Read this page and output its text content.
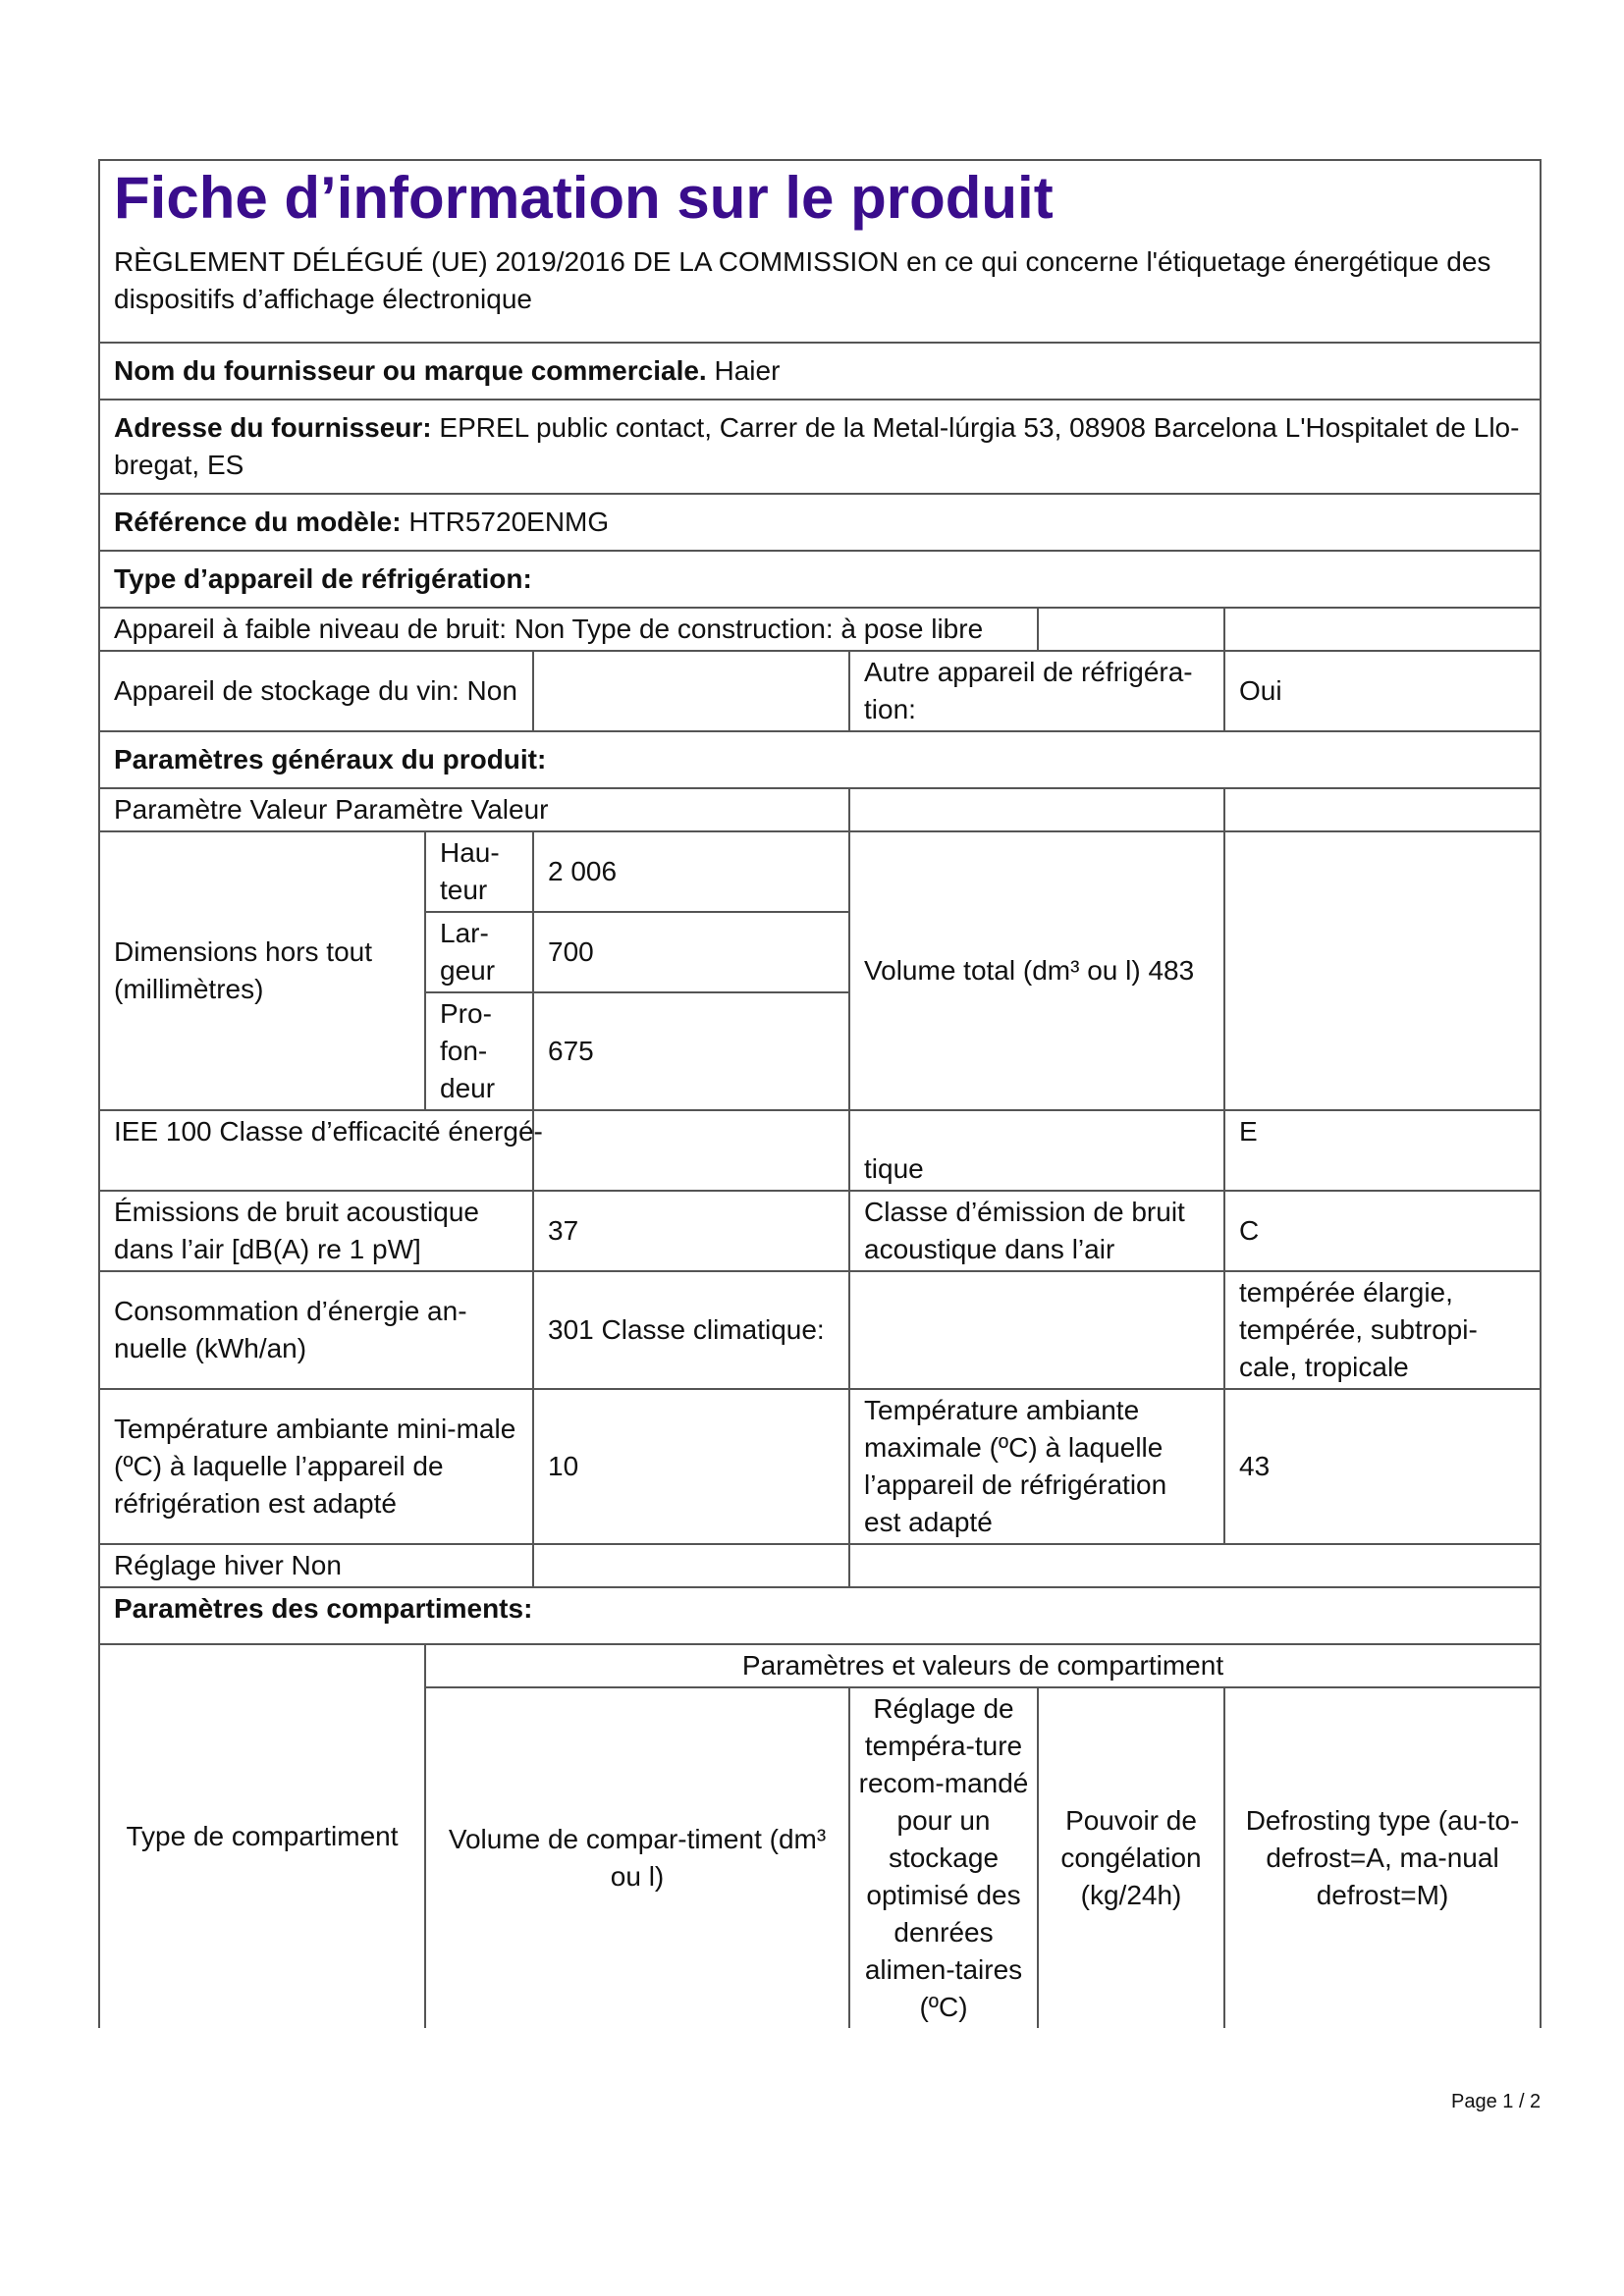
Fiche d’information sur le produit
RÈGLEMENT DÉLÉGUÉ (UE) 2019/2016 DE LA COMMISSION en ce qui concerne l'étiquetage énergétique des dispositifs d’affichage électronique					

Nom du fournisseur ou marque commerciale. Haier					
Adresse du fournisseur: EPREL public contact, Carrer de la Metal-lúrgia 53, 08908 Barcelona L'Hospitalet de Llo-bregat, ES					
Référence du modèle: HTR5720ENMG					
Type d’appareil de réfrigération:					
Appareil à faible niveau de bruit: Non Type de construction: à pose libre					
Appareil de stockage du vin: Non			Autre appareil de réfrigéra-tion:		Oui
Paramètres généraux du produit:					
Paramètre Valeur Paramètre Valeur					
Dimensions hors tout (millimètres)	Hau-teur	2 006	Volume total (dm³ ou l) 483		
	Lar-geur	700			
	Pro-fon-deur	675			
IEE 100 Classe d’efficacité énergé-			tique		E
Émissions de bruit acoustique dans l’air [dB(A) re 1 pW]		37	Classe d’émission de bruit acoustique dans l’air		C
Consommation d’énergie an-nuelle (kWh/an)		301 Classe climatique:			tempérée élargie, tempérée, subtropi-cale, tropicale
Température ambiante mini-male (ºC) à laquelle l’appareil de réfrigération est adapté		10	Température ambiante maximale (ºC) à laquelle l’appareil de réfrigération est adapté		43
Réglage hiver Non					
Paramètres des compartiments:					
Type de compartiment	Paramètres et valeurs de compartiment				
	Volume de compar-timent (dm³ ou l)		Réglage de tempéra-ture recom-mandé pour un stockage optimisé des denrées alimen-taires (ºC)	Pouvoir de congélation (kg/24h)	Defrosting type (au-to-defrost=A, ma-nual defrost=M)
Page 1 / 2
